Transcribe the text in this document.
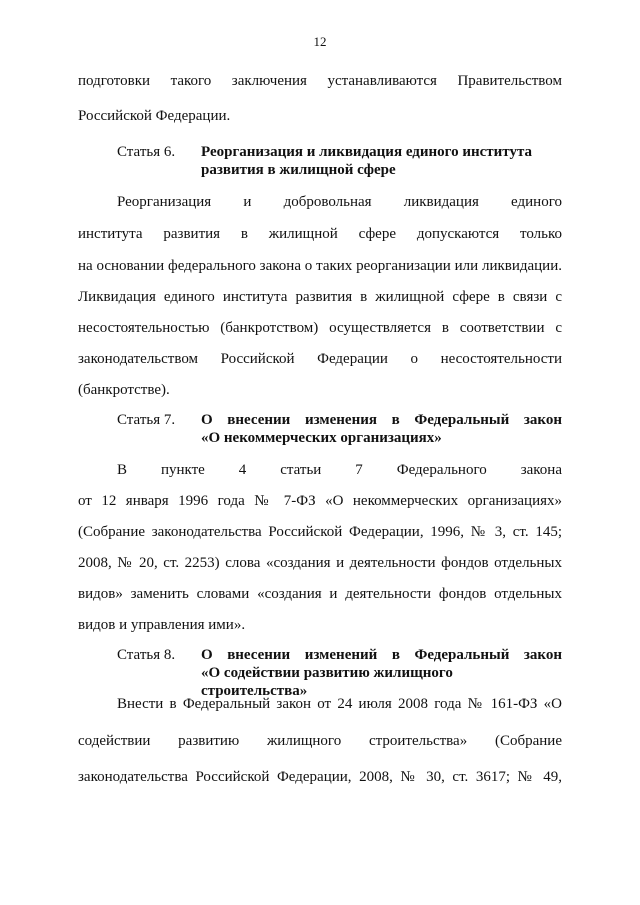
12
подготовки такого заключения устанавливаются Правительством
Российской Федерации.
Статья 6. Реорганизация и ликвидация единого института
развития в жилищной сфере
Реорганизация и добровольная ликвидация единого
института развития в жилищной сфере допускаются только
на основании федерального закона о таких реорганизации или ликвидации.
Ликвидация единого института развития в жилищной сфере в связи с
несостоятельностью (банкротством) осуществляется в соответствии с
законодательством Российской Федерации о несостоятельности
(банкротстве).
Статья 7. О внесении изменения в Федеральный закон
«О некоммерческих организациях»
В пункте 4 статьи 7 Федерального закона
от 12 января 1996 года № 7-ФЗ «О некоммерческих организациях»
(Собрание законодательства Российской Федерации, 1996, № 3, ст. 145;
2008, № 20, ст. 2253) слова «создания и деятельности фондов отдельных
видов» заменить словами «создания и деятельности фондов отдельных
видов и управления ими».
Статья 8. О внесении изменений в Федеральный закон
«О содействии развитию жилищного строительства»
Внести в Федеральный закон от 24 июля 2008 года № 161-ФЗ «О
содействии развитию жилищного строительства» (Собрание
законодательства Российской Федерации, 2008, № 30, ст. 3617; № 49,
